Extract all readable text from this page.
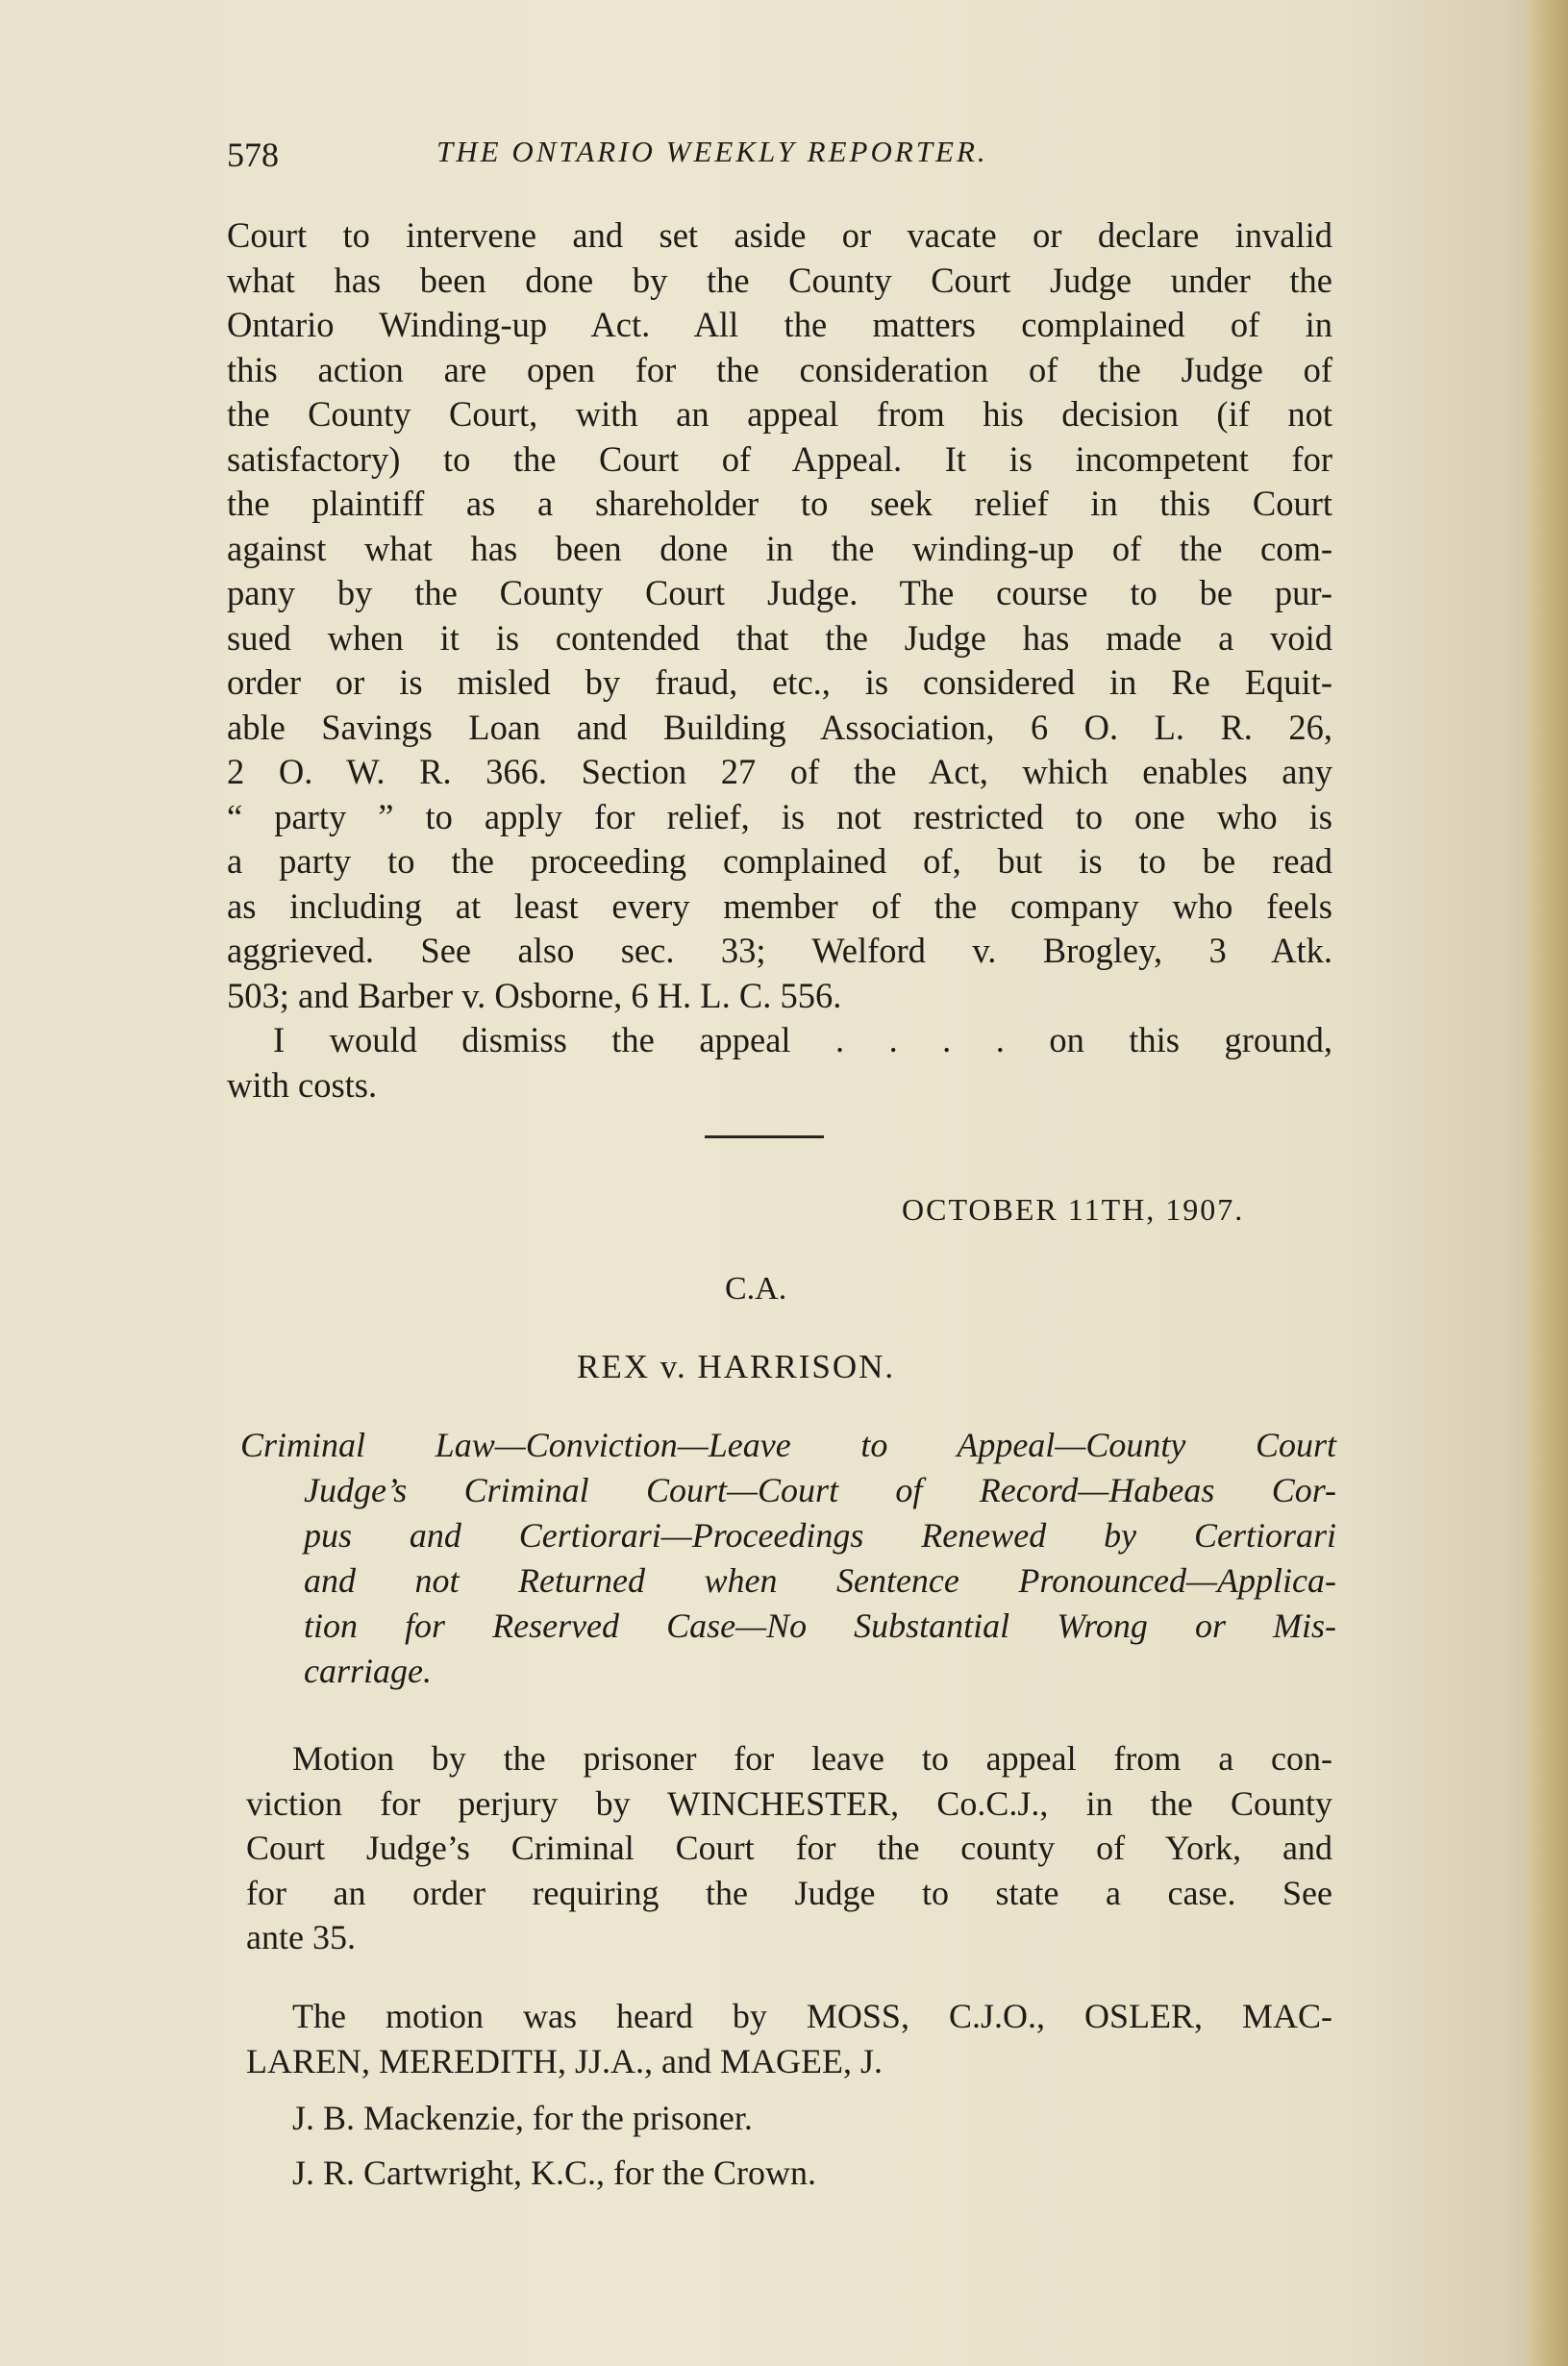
578	THE ONTARIO WEEKLY REPORTER.
Court to intervene and set aside or vacate or declare invalid
what has been done by the County Court Judge under the
Ontario Winding-up Act. All the matters complained of in
this action are open for the consideration of the Judge of
the County Court, with an appeal from his decision (if not
satisfactory) to the Court of Appeal. It is incompetent for
the plaintiff as a shareholder to seek relief in this Court
against what has been done in the winding-up of the com-
pany by the County Court Judge. The course to be pur-
sued when it is contended that the Judge has made a void
order or is misled by fraud, etc., is considered in Re Equit-
able Savings Loan and Building Association, 6 O. L. R. 26,
2 O. W. R. 366. Section 27 of the Act, which enables any
“ party ” to apply for relief, is not restricted to one who is
a party to the proceeding complained of, but is to be read
as including at least every member of the company who feels
aggrieved. See also sec. 33; Welford v. Brogley, 3 Atk.
503; and Barber v. Osborne, 6 H. L. C. 556.
I would dismiss the appeal . . . . on this ground,
with costs.
OCTOBER 11TH, 1907.
C.A.
REX v. HARRISON.
Criminal Law—Conviction—Leave to Appeal—County Court
Judge’s Criminal Court—Court of Record—Habeas Cor-
pus and Certiorari—Proceedings Renewed by Certiorari
and not Returned when Sentence Pronounced—Applica-
tion for Reserved Case—No Substantial Wrong or Mis-
carriage.
Motion by the prisoner for leave to appeal from a con-
viction for perjury by WINCHESTER, Co.C.J., in the County
Court Judge’s Criminal Court for the county of York, and
for an order requiring the Judge to state a case. See
ante 35.
The motion was heard by MOSS, C.J.O., OSLER, MAC-
LAREN, MEREDITH, JJ.A., and MAGEE, J.
J. B. Mackenzie, for the prisoner.
J. R. Cartwright, K.C., for the Crown.
